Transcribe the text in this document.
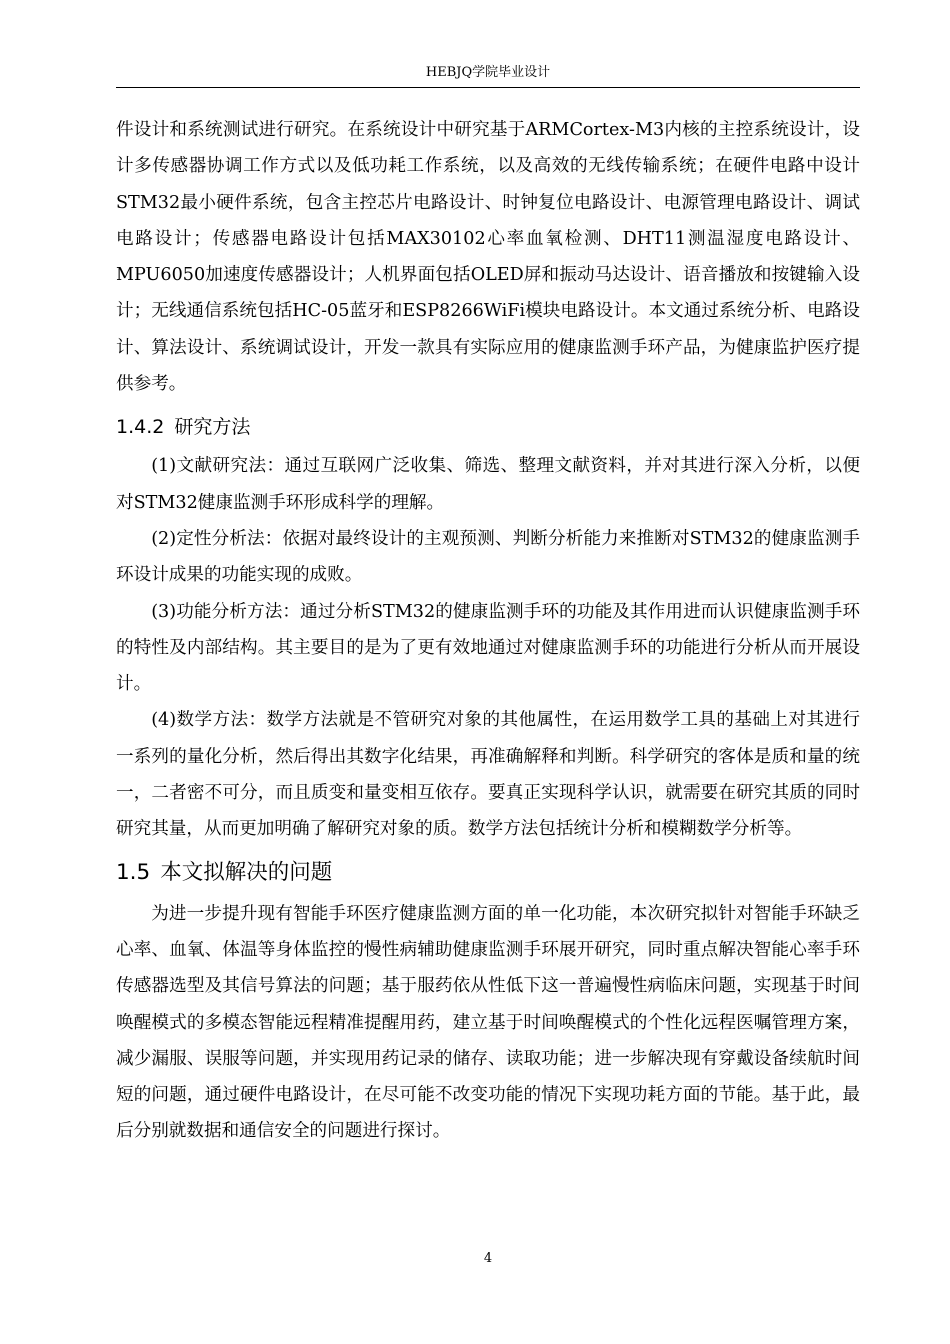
HEBJQ学院毕业设计

件设计和系统测试进行研究。在系统设计中研究基于ARMCortex-M3内核的主控系统设计，设计多传感器协调工作方式以及低功耗工作系统，以及高效的无线传输系统；在硬件电路中设计STM32最小硬件系统，包含主控芯片电路设计、时钟复位电路设计、电源管理电路设计、调试电路设计；传感器电路设计包括MAX30102心率血氧检测、DHT11测温湿度电路设计、MPU6050加速度传感器设计；人机界面包括OLED屏和振动马达设计、语音播放和按键输入设计；无线通信系统包括HC-05蓝牙和ESP8266WiFi模块电路设计。本文通过系统分析、电路设计、算法设计、系统调试设计，开发一款具有实际应用的健康监测手环产品，为健康监护医疗提供参考。

1.4.2 研究方法

(1)文献研究法：通过互联网广泛收集、筛选、整理文献资料，并对其进行深入分析，以便对STM32健康监测手环形成科学的理解。

(2)定性分析法：依据对最终设计的主观预测、判断分析能力来推断对STM32的健康监测手环设计成果的功能实现的成败。

(3)功能分析方法：通过分析STM32的健康监测手环的功能及其作用进而认识健康监测手环的特性及内部结构。其主要目的是为了更有效地通过对健康监测手环的功能进行分析从而开展设计。

(4)数学方法：数学方法就是不管研究对象的其他属性，在运用数学工具的基础上对其进行一系列的量化分析，然后得出其数字化结果，再准确解释和判断。科学研究的客体是质和量的统一，二者密不可分，而且质变和量变相互依存。要真正实现科学认识，就需要在研究其质的同时研究其量，从而更加明确了解研究对象的质。数学方法包括统计分析和模糊数学分析等。

1.5 本文拟解决的问题

为进一步提升现有智能手环医疗健康监测方面的单一化功能，本次研究拟针对智能手环缺乏心率、血氧、体温等身体监控的慢性病辅助健康监测手环展开研究，同时重点解决智能心率手环传感器选型及其信号算法的问题；基于服药依从性低下这一普遍慢性病临床问题，实现基于时间唤醒模式的多模态智能远程精准提醒用药，建立基于时间唤醒模式的个性化远程医嘱管理方案，减少漏服、误服等问题，并实现用药记录的储存、读取功能；进一步解决现有穿戴设备续航时间短的问题，通过硬件电路设计，在尽可能不改变功能的情况下实现功耗方面的节能。基于此，最后分别就数据和通信安全的问题进行探讨。

4
